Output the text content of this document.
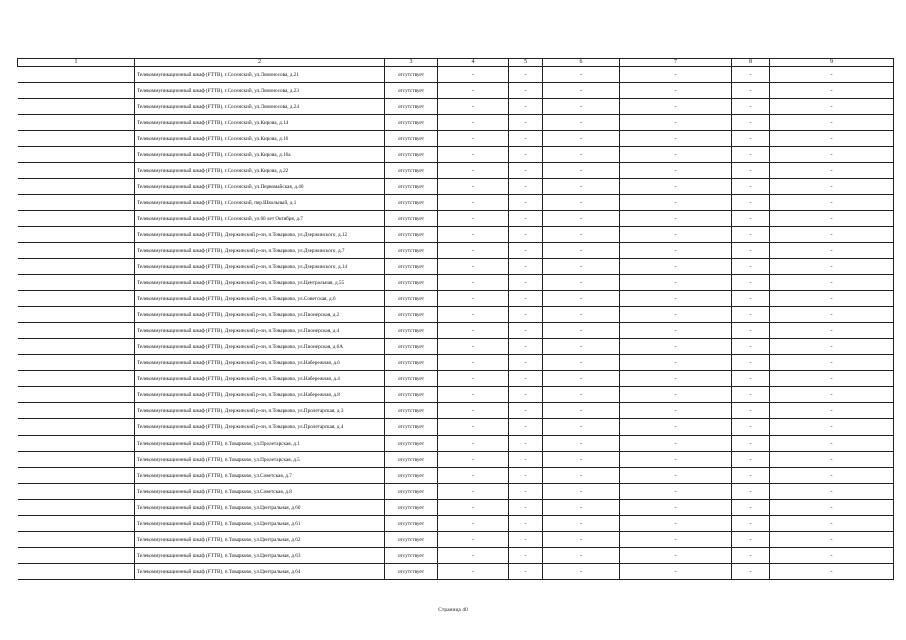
1	2	3	4	5	6	7	8	9
	Телекоммуникационный шкаф (FTTB), г.Сосенский, ул.Ломоносова, д.21	отсутствует	-	-	-	-	-	-
	Телекоммуникационный шкаф (FTTB), г.Сосенский, ул.Ломоносова, д.23	отсутствует	-	-	-	-	-	-
	Телекоммуникационный шкаф (FTTB), г.Сосенский, ул.Ломоносова, д.24	отсутствует	-	-	-	-	-	-
	Телекоммуникационный шкаф (FTTB), г.Сосенский, ул.Кирова, д.14	отсутствует	-	-	-	-	-	-
	Телекоммуникационный шкаф (FTTB), г.Сосенский, ул.Кирова, д.16	отсутствует	-	-	-	-	-	-
	Телекоммуникационный шкаф (FTTB), г.Сосенский, ул.Кирова, д.16а	отсутствует	-	-	-	-	-	-
	Телекоммуникационный шкаф (FTTB), г.Сосенский, ул.Кирова, д.22	отсутствует	-	-	-	-	-	-
	Телекоммуникационный шкаф (FTTB), г.Сосенский, ул.Первомайская, д.40	отсутствует	-	-	-	-	-	-
	Телекоммуникационный шкаф (FTTB), г.Сосенский, пер.Школьный, д.1	отсутствует	-	-	-	-	-	-
	Телекоммуникационный шкаф (FTTB), г.Сосенский, ул.60 лет Октября, д.7	отсутствует	-	-	-	-	-	-
	Телекоммуникационный шкаф (FTTB), Дзержинский р-он, п.Товарково, ул.Дзержинского, д.12	отсутствует	-	-	-	-	-	-
	Телекоммуникационный шкаф (FTTB), Дзержинский р-он, п.Товарково, ул.Дзержинского, д.7	отсутствует	-	-	-	-	-	-
	Телекоммуникационный шкаф (FTTB), Дзержинский р-он, п.Товарково, ул.Дзержинского, д.14	отсутствует	-	-	-	-	-	-
	Телекоммуникационный шкаф (FTTB), Дзержинский р-он, п.Товарково, ул.Центральная, д.55	отсутствует	-	-	-	-	-	-
	Телекоммуникационный шкаф (FTTB), Дзержинский р-он, п.Товарково, ул.Советская, д.6	отсутствует	-	-	-	-	-	-
	Телекоммуникационный шкаф (FTTB), Дзержинский р-он, п.Товарково, ул.Пионерская, д.2	отсутствует	-	-	-	-	-	-
	Телекоммуникационный шкаф (FTTB), Дзержинский р-он, п.Товарково, ул.Пионерская, д.4	отсутствует	-	-	-	-	-	-
	Телекоммуникационный шкаф (FTTB), Дзержинский р-он, п.Товарково, ул.Пионерская, д.6А	отсутствует	-	-	-	-	-	-
	Телекоммуникационный шкаф (FTTB), Дзержинский р-он, п.Товарково, ул.Набережная, д.6	отсутствует	-	-	-	-	-	-
	Телекоммуникационный шкаф (FTTB), Дзержинский р-он, п.Товарково, ул.Набережная, д.4	отсутствует	-	-	-	-	-	-
	Телекоммуникационный шкаф (FTTB), Дзержинский р-он, п.Товарково, ул.Набережная, д.8	отсутствует	-	-	-	-	-	-
	Телекоммуникационный шкаф (FTTB), Дзержинский р-он, п.Товарково, ул.Пролетарская, д.3	отсутствует	-	-	-	-	-	-
	Телекоммуникационный шкаф (FTTB), Дзержинский р-он, п.Товарково, ул.Пролетарская, д.4	отсутствует	-	-	-	-	-	-
	Телекоммуникационный шкаф (FTTB), п.Товарково, ул.Пролетарская, д.1	отсутствует	-	-	-	-	-	-
	Телекоммуникационный шкаф (FTTB), п.Товарково, ул.Пролетарская, д.5	отсутствует	-	-	-	-	-	-
	Телекоммуникационный шкаф (FTTB), п.Товарково, ул.Советская, д.7	отсутствует	-	-	-	-	-	-
	Телекоммуникационный шкаф (FTTB), п.Товарково, ул.Советская, д.8	отсутствует	-	-	-	-	-	-
	Телекоммуникационный шкаф (FTTB), п.Товарково, ул.Центральная, д.60	отсутствует	-	-	-	-	-	-
	Телекоммуникационный шкаф (FTTB), п.Товарково, ул.Центральная, д.61	отсутствует	-	-	-	-	-	-
	Телекоммуникационный шкаф (FTTB), п.Товарково, ул.Центральная, д.62	отсутствует	-	-	-	-	-	-
	Телекоммуникационный шкаф (FTTB), п.Товарково, ул.Центральная, д.63	отсутствует	-	-	-	-	-	-
	Телекоммуникационный шкаф (FTTB), п.Товарково, ул.Центральная, д.64	отсутствует	-	-	-	-	-	-
Страница 40
